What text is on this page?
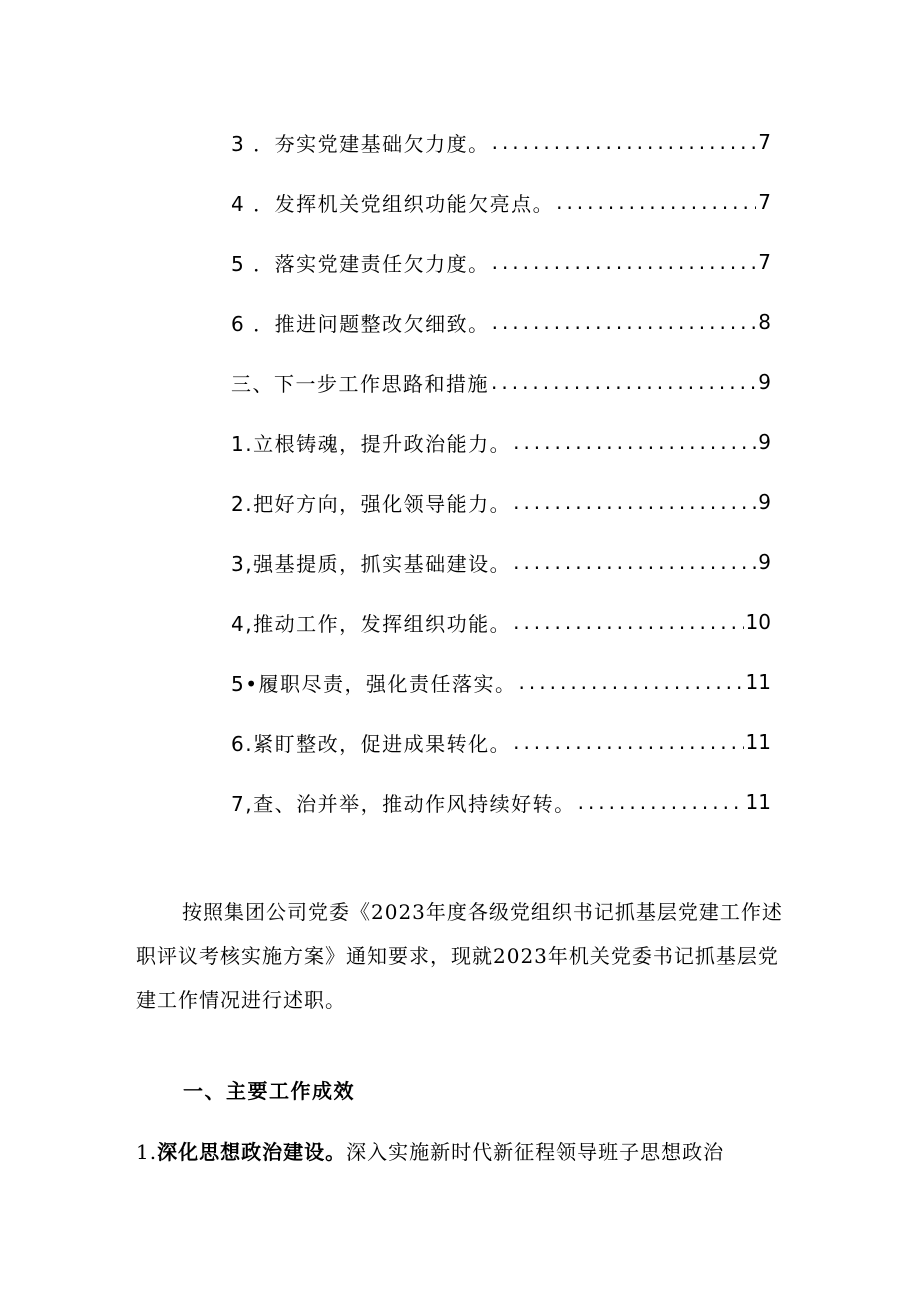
3 ．夯实党建基础欠力度。 .....	7
4 ．发挥机关党组织功能欠亮点。 .....	7
5 ．落实党建责任欠力度。 .....	7
6 ．推进问题整改欠细致。 .....	8
三、下一步工作思路和措施 .....	9
1.立根铸魂，提升政治能力。 .....	9
2.把好方向，强化领导能力。 .....	9
3,强基提质，抓实基础建设。 .....	9
4,推动工作，发挥组织功能。 .....	10
5•履职尽责，强化责任落实。 .....	11
6.紧盯整改，促进成果转化。 .....	11
7,查、治并举，推动作风持续好转。 .....	11

按照集团公司党委《2023年度各级党组织书记抓基层党建工作述职评议考核实施方案》通知要求，现就2023年机关党委书记抓基层党建工作情况进行述职。

一、主要工作成效

1.深化思想政治建设。深入实施新时代新征程领导班子思想政治
